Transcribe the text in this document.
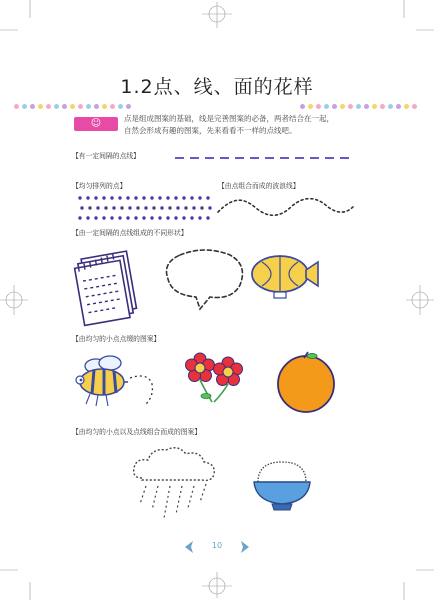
1.2点、线、面的花样
☺	点是组成图案的基础，线是完善图案的必备，两者结合在一起，
自然会形成有趣的图案，先来看看不一样的点线吧。
【有一定间隔的点线】
【均匀排列的点】	【由点组合而成的波浪线】
【由一定间隔的点线组成的不同形状】
【由均匀的小点点缀的图案】
【由均匀的小点以及点线组合而成的图案】
10
